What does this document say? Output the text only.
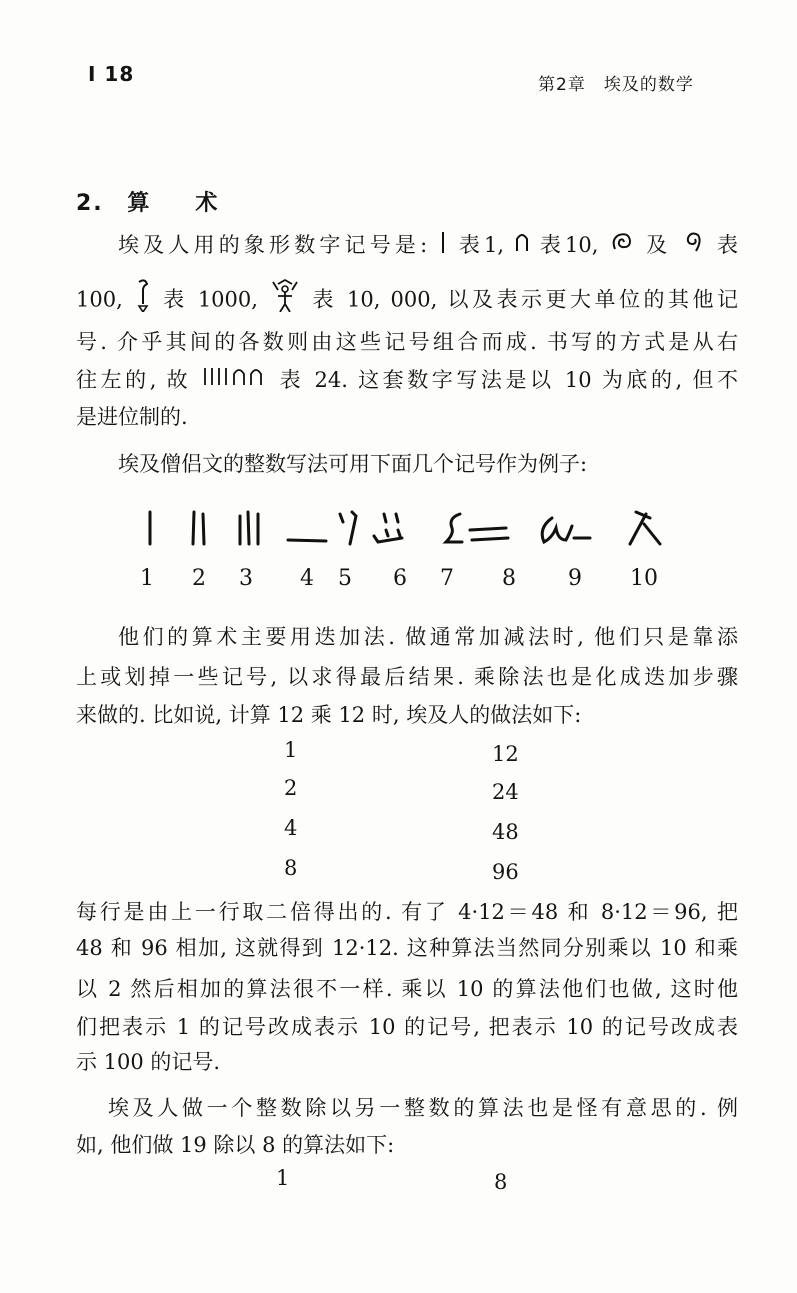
I 18	第2章　埃及的数学
2. 算 术
埃及人用的象形数字记号是: 表1, 表10, 及 表
100, 表 1000,	表 10, 000, 以及表示更大单位的其他记
号. 介乎其间的各数则由这些记号组合而成. 书写的方式是从右
往左的, 故	表 24. 这套数字写法是以 10 为底的, 但不
是进位制的.
埃及僧侣文的整数写法可用下面几个记号作为例子:
1 2 3 4 5 6 7 8 9 10
他们的算术主要用迭加法. 做通常加减法时, 他们只是靠添
上或划掉一些记号, 以求得最后结果. 乘除法也是化成迭加步骤
来做的. 比如说, 计算 12 乘 12 时, 埃及人的做法如下:
1	12
2	24
4	48
8	96
每行是由上一行取二倍得出的. 有了 4·12＝48 和 8·12＝96, 把
48 和 96 相加, 这就得到 12·12. 这种算法当然同分别乘以 10 和乘
以 2 然后相加的算法很不一样. 乘以 10 的算法他们也做, 这时他
们把表示 1 的记号改成表示 10 的记号, 把表示 10 的记号改成表
示 100 的记号.
埃及人做一个整数除以另一整数的算法也是怪有意思的. 例
如, 他们做 19 除以 8 的算法如下:
1	8
